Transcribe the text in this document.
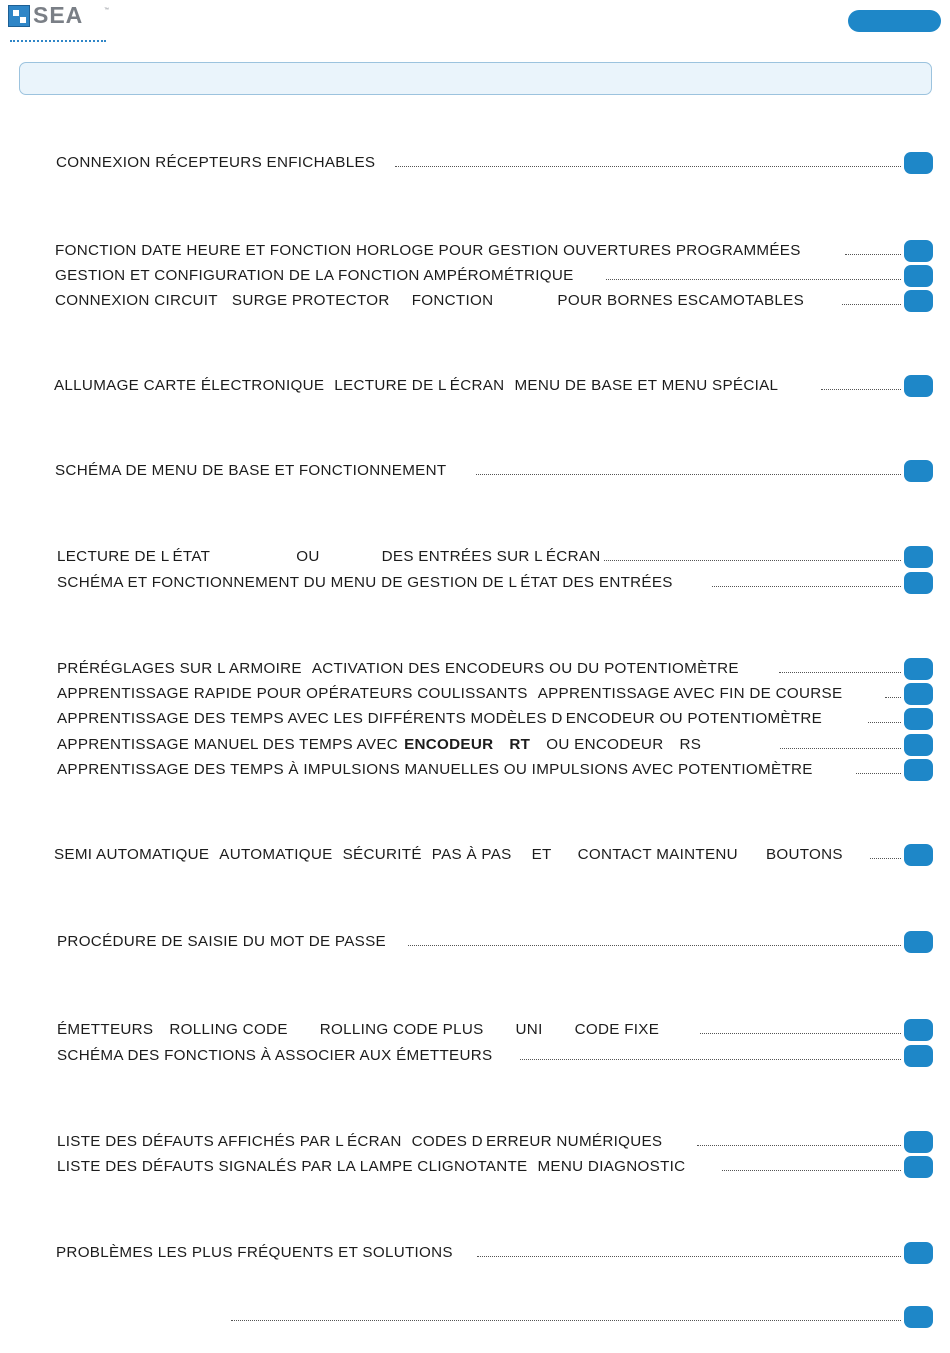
SEA	™
CONNEXION RÉCEPTEURS ENFICHABLES
FONCTION DATE HEURE ET FONCTION HORLOGE POUR GESTION OUVERTURES PROGRAMMÉES
GESTION ET CONFIGURATION DE LA FONCTION AMPÉROMÉTRIQUE
CONNEXION CIRCUIT SURGE PROTECTOR FONCTION	POUR BORNES ESCAMOTABLES
ALLUMAGE CARTE ÉLECTRONIQUE LECTURE DE L ÉCRAN MENU DE BASE ET MENU SPÉCIAL
SCHÉMA DE MENU DE BASE ET FONCTIONNEMENT
LECTURE DE L ÉTAT	OU	DES ENTRÉES SUR L ÉCRAN
SCHÉMA ET FONCTIONNEMENT DU MENU DE GESTION DE L ÉTAT DES ENTRÉES
PRÉRÉGLAGES SUR L ARMOIRE ACTIVATION DES ENCODEURS OU DU POTENTIOMÈTRE
APPRENTISSAGE RAPIDE POUR OPÉRATEURS COULISSANTS APPRENTISSAGE AVEC FIN DE COURSE
APPRENTISSAGE DES TEMPS AVEC LES DIFFÉRENTS MODÈLES D ENCODEUR OU POTENTIOMÈTRE
APPRENTISSAGE MANUEL DES TEMPS AVEC ENCODEUR RT OU ENCODEUR RS
APPRENTISSAGE DES TEMPS À IMPULSIONS MANUELLES OU IMPULSIONS AVEC POTENTIOMÈTRE
SEMI AUTOMATIQUE AUTOMATIQUE SÉCURITÉ PAS À PAS ET CONTACT MAINTENU BOUTONS
PROCÉDURE DE SAISIE DU MOT DE PASSE
ÉMETTEURS ROLLING CODE ROLLING CODE PLUS UNI CODE FIXE
SCHÉMA DES FONCTIONS À ASSOCIER AUX ÉMETTEURS
LISTE DES DÉFAUTS AFFICHÉS PAR L ÉCRAN CODES D ERREUR NUMÉRIQUES
LISTE DES DÉFAUTS SIGNALÉS PAR LA LAMPE CLIGNOTANTE MENU DIAGNOSTIC
PROBLÈMES LES PLUS FRÉQUENTS ET SOLUTIONS
